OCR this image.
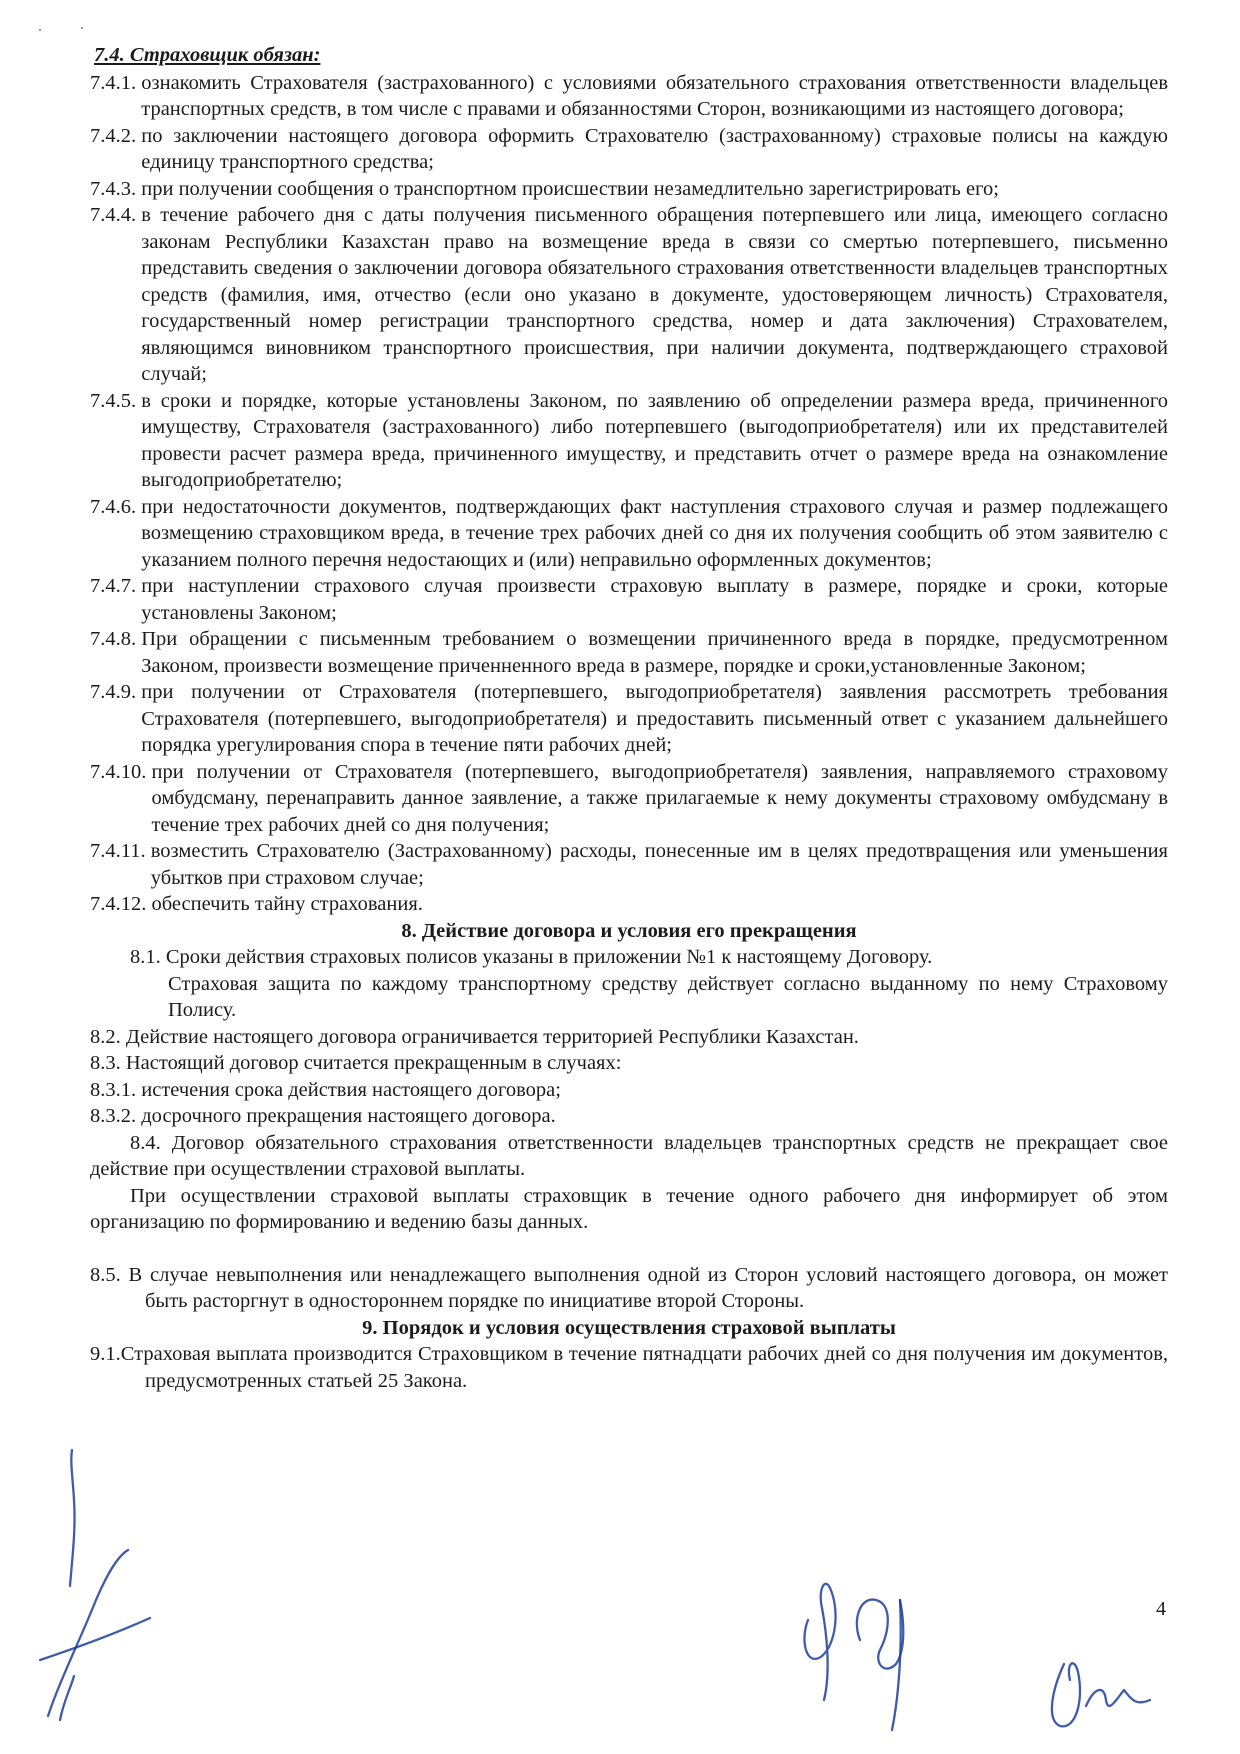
7.4. Страховщик обязан:
7.4.1. ознакомить Страхователя (застрахованного) с условиями обязательного страхования ответственности владельцев транспортных средств, в том числе с правами и обязанностями Сторон, возникающими из настоящего договора;
7.4.2. по заключении настоящего договора оформить Страхователю (застрахованному) страховые полисы на каждую единицу транспортного средства;
7.4.3. при получении сообщения о транспортном происшествии незамедлительно зарегистрировать его;
7.4.4. в течение рабочего дня с даты получения письменного обращения потерпевшего или лица, имеющего согласно законам Республики Казахстан право на возмещение вреда в связи со смертью потерпевшего, письменно представить сведения о заключении договора обязательного страхования ответственности владельцев транспортных средств (фамилия, имя, отчество (если оно указано в документе, удостоверяющем личность) Страхователя, государственный номер регистрации транспортного средства, номер и дата заключения) Страхователем, являющимся виновником транспортного происшествия, при наличии документа, подтверждающего страховой случай;
7.4.5. в сроки и порядке, которые установлены Законом, по заявлению об определении размера вреда, причиненного имуществу, Страхователя (застрахованного) либо потерпевшего (выгодоприобретателя) или их представителей провести расчет размера вреда, причиненного имуществу, и представить отчет о размере вреда на ознакомление выгодоприобретателю;
7.4.6. при недостаточности документов, подтверждающих факт наступления страхового случая и размер подлежащего возмещению страховщиком вреда, в течение трех рабочих дней со дня их получения сообщить об этом заявителю с указанием полного перечня недостающих и (или) неправильно оформленных документов;
7.4.7. при наступлении страхового случая произвести страховую выплату в размере, порядке и сроки, которые установлены Законом;
7.4.8. При обращении с письменным требованием о возмещении причиненного вреда в порядке, предусмотренном Законом, произвести возмещение приченненного вреда в размере, порядке и сроки,установленные Законом;
7.4.9. при получении от Страхователя (потерпевшего, выгодоприобретателя) заявления рассмотреть требования Страхователя (потерпевшего, выгодоприобретателя) и предоставить письменный ответ с указанием дальнейшего порядка урегулирования спора в течение пяти рабочих дней;
7.4.10. при получении от Страхователя (потерпевшего, выгодоприобретателя) заявления, направляемого страховому омбудсману, перенаправить данное заявление, а также прилагаемые к нему документы страховому омбудсману в течение трех рабочих дней со дня получения;
7.4.11. возместить Страхователю (Застрахованному) расходы, понесенные им в целях предотвращения или уменьшения убытков при страховом случае;
7.4.12. обеспечить тайну страхования.
8. Действие договора и условия его прекращения
8.1. Сроки действия страховых полисов указаны в приложении №1 к настоящему Договору.
Страховая защита по каждому транспортному средству действует согласно выданному по нему Страховому Полису.
8.2. Действие настоящего договора ограничивается территорией Республики Казахстан.
8.3. Настоящий договор считается прекращенным в случаях:
8.3.1. истечения срока действия настоящего договора;
8.3.2. досрочного прекращения настоящего договора.
8.4. Договор обязательного страхования ответственности владельцев транспортных средств не прекращает свое действие при осуществлении страховой выплаты.
При осуществлении страховой выплаты страховщик в течение одного рабочего дня информирует об этом организацию по формированию и ведению базы данных.
8.5. В случае невыполнения или ненадлежащего выполнения одной из Сторон условий настоящего договора, он может быть расторгнут в одностороннем порядке по инициативе второй Стороны.
9. Порядок и условия осуществления страховой выплаты
9.1.Страховая выплата производится Страховщиком в течение пятнадцати рабочих дней со дня получения им документов, предусмотренных статьей 25 Закона.
4
